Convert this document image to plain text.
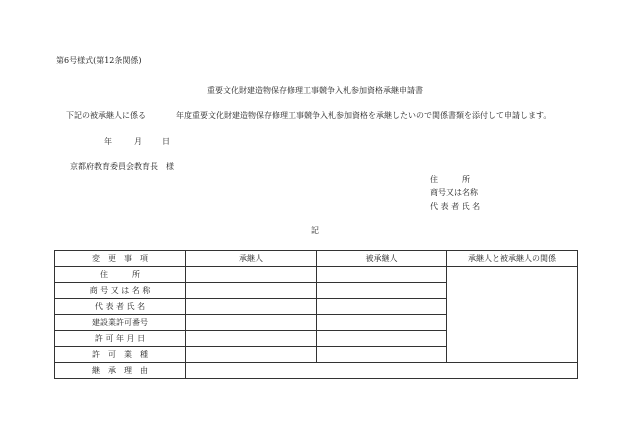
第6号様式(第12条関係)
重要文化財建造物保存修理工事競争入札参加資格承継申請書
下記の被承継人に係る	年度重要文化財建造物保存修理工事競争入札参加資格を承継したいので関係書類を添付して申請します。
年	月	日
京都府教育委員会教育長　様
住　　　所
商号又は名称
代 表 者 氏 名
記
変　更　事　項	承継人	被承継人	承継人と被承継人の関係
住　　　所			
商 号 又 は 名 称			
代 表 者 氏 名			
建設業許可番号			
許 可 年 月 日			
許　可　業　種			
継　承　理　由			
